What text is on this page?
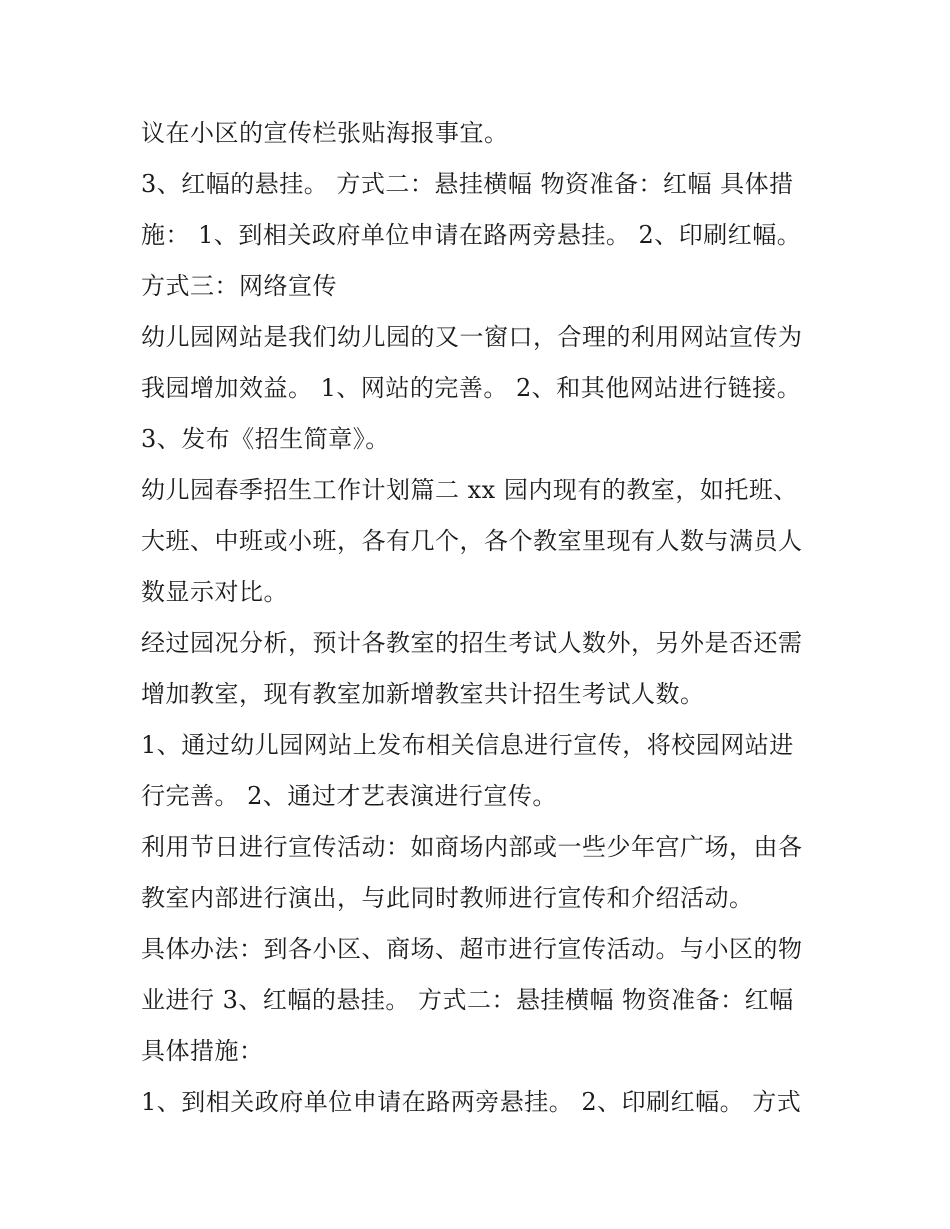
议在小区的宣传栏张贴海报事宜。
3、红幅的悬挂。 方式二：悬挂横幅 物资准备：红幅 具体措
施： 1、到相关政府单位申请在路两旁悬挂。 2、印刷红幅。
方式三：网络宣传
幼儿园网站是我们幼儿园的又一窗口，合理的利用网站宣传为
我园增加效益。 1、网站的完善。 2、和其他网站进行链接。
3、发布《招生简章》。
幼儿园春季招生工作计划篇二 xx 园内现有的教室，如托班、
大班、中班或小班，各有几个，各个教室里现有人数与满员人
数显示对比。
经过园况分析，预计各教室的招生考试人数外，另外是否还需
增加教室，现有教室加新增教室共计招生考试人数。
1、通过幼儿园网站上发布相关信息进行宣传，将校园网站进
行完善。 2、通过才艺表演进行宣传。
利用节日进行宣传活动：如商场内部或一些少年宫广场，由各
教室内部进行演出，与此同时教师进行宣传和介绍活动。
具体办法：到各小区、商场、超市进行宣传活动。与小区的物
业进行 3、红幅的悬挂。 方式二：悬挂横幅 物资准备：红幅
具体措施：
1、到相关政府单位申请在路两旁悬挂。 2、印刷红幅。 方式
